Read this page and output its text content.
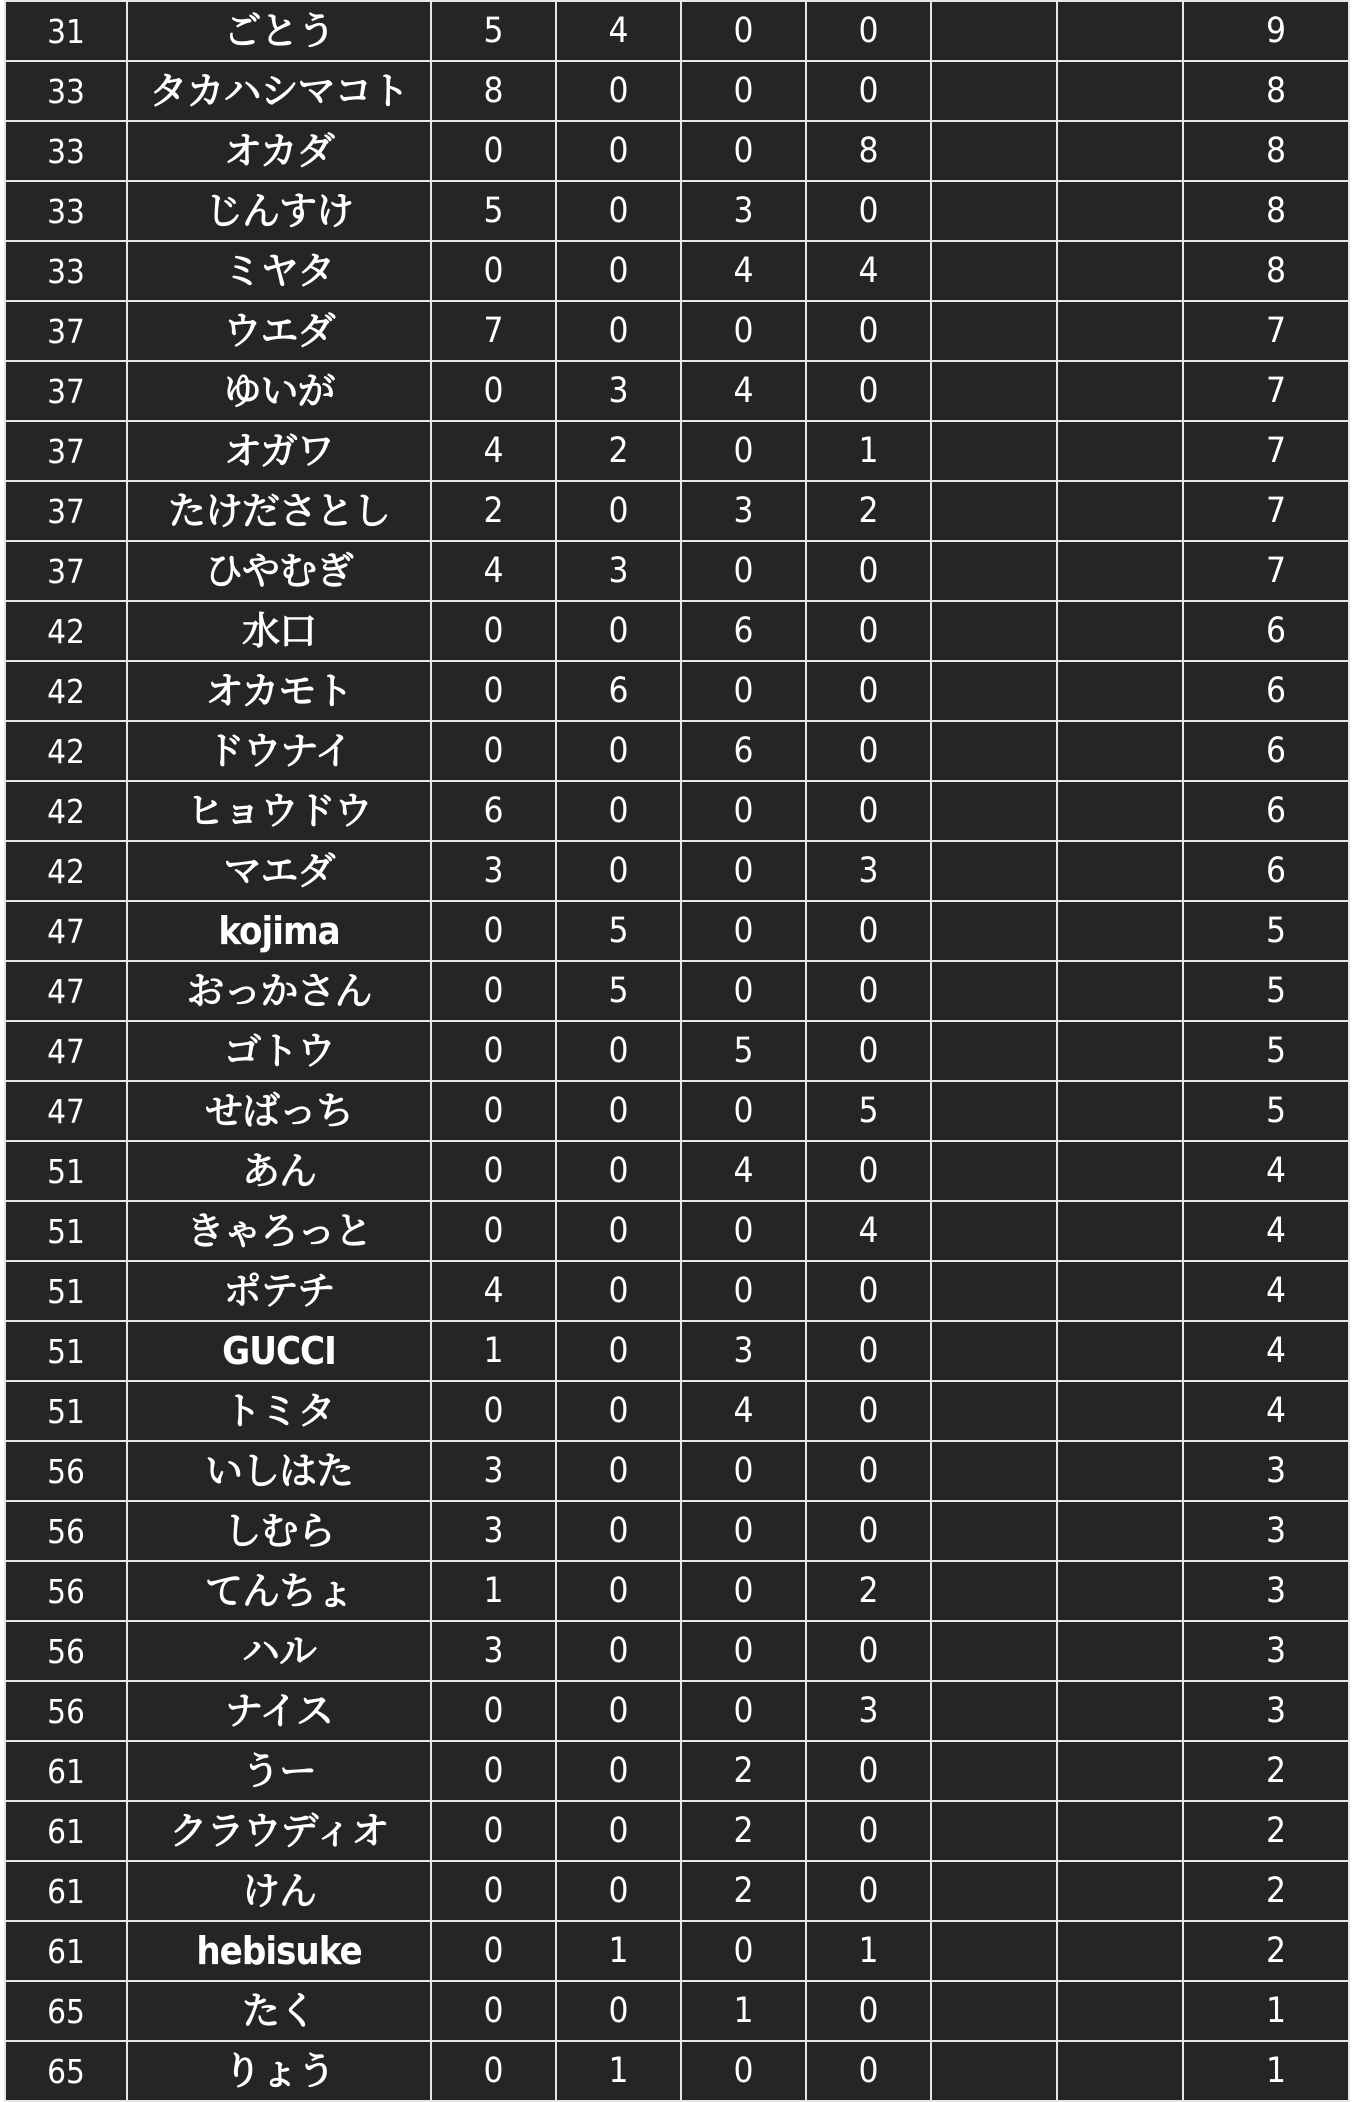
31	ごとう	5	4	0	0			9
33	タカハシマコト	8	0	0	0			8
33	オカダ	0	0	0	8			8
33	じんすけ	5	0	3	0			8
33	ミヤタ	0	0	4	4			8
37	ウエダ	7	0	0	0			7
37	ゆいが	0	3	4	0			7
37	オガワ	4	2	0	1			7
37	たけださとし	2	0	3	2			7
37	ひやむぎ	4	3	0	0			7
42	水口	0	0	6	0			6
42	オカモト	0	6	0	0			6
42	ドウナイ	0	0	6	0			6
42	ヒョウドウ	6	0	0	0			6
42	マエダ	3	0	0	3			6
47	kojima	0	5	0	0			5
47	おっかさん	0	5	0	0			5
47	ゴトウ	0	0	5	0			5
47	せばっち	0	0	0	5			5
51	あん	0	0	4	0			4
51	きゃろっと	0	0	0	4			4
51	ポテチ	4	0	0	0			4
51	GUCCI	1	0	3	0			4
51	トミタ	0	0	4	0			4
56	いしはた	3	0	0	0			3
56	しむら	3	0	0	0			3
56	てんちょ	1	0	0	2			3
56	ハル	3	0	0	0			3
56	ナイス	0	0	0	3			3
61	うー	0	0	2	0			2
61	クラウディオ	0	0	2	0			2
61	けん	0	0	2	0			2
61	hebisuke	0	1	0	1			2
65	たく	0	0	1	0			1
65	りょう	0	1	0	0			1
